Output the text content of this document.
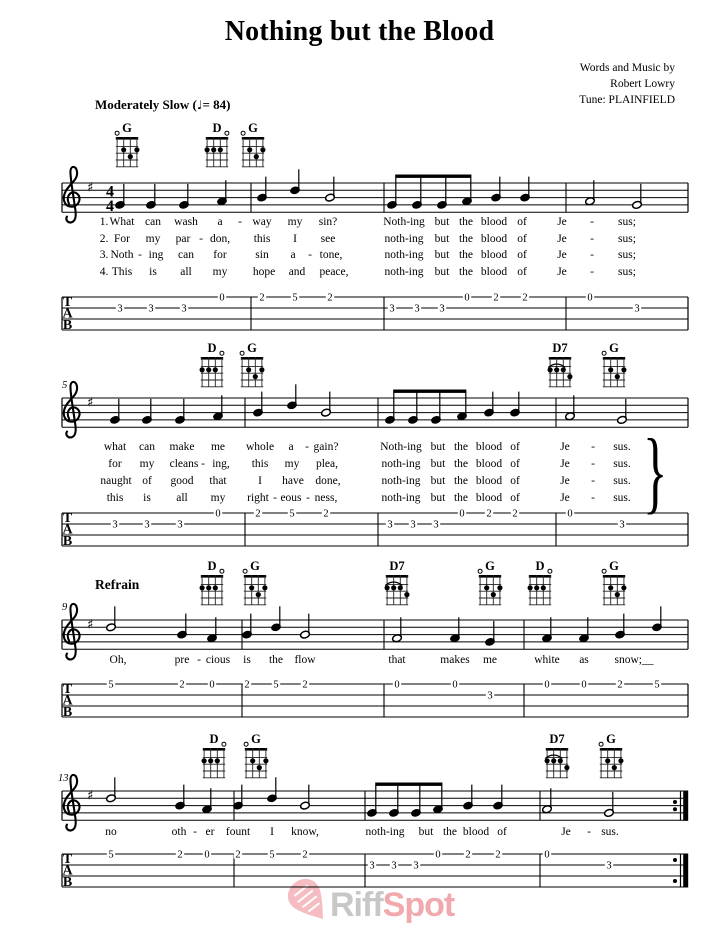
RiffSpot
G	D G
♯ 4
4
T
A
B
3 3	3
0	2	5	2
3 3 3
0 2 2	0
3
D G	D7	G
♯
T
A
B
3	3	3
0	2	5	2
3 3 3
0 2 2	0
3
D	G	D7	G	D	G
♯
T
A
B
5	2 0	2 5 2	0	0
3
0	0	2	5
D	G	D7	G
♯
T
A
B
5	2 0 2	5	2
3 3 3
0 2 2	0
3
Nothing but the Blood
Words and Music by
Robert Lowry
Tune: PLAINFIELD
Moderately Slow (♩= 84)
1. What can wash a - way my sin?	Noth-ing but the blood of	Je - sus;
2. For my par - don, this I see	noth-ing but the blood of	Je - sus;
3. Noth - ing can for sin a - tone,	noth-ing but the blood of	Je - sus;
4. This is all my hope and peace,	noth-ing but the blood of	Je - sus;
5
}
what can make me whole a - gain?	Noth-ing but the blood of	Je - sus.
for my cleans - ing, this my plea,	noth-ing but the blood of	Je - sus.
naught of good that	I have done,	noth-ing but the blood of	Je - sus.
this is all my right - eous - ness,	noth-ing but the blood of	Je - sus.
9
Refrain
Oh,	pre - cious is the flow	that	makes me	white as snow;__
13
no	oth - er fount I know,	noth-ing but the blood of	Je - sus.
